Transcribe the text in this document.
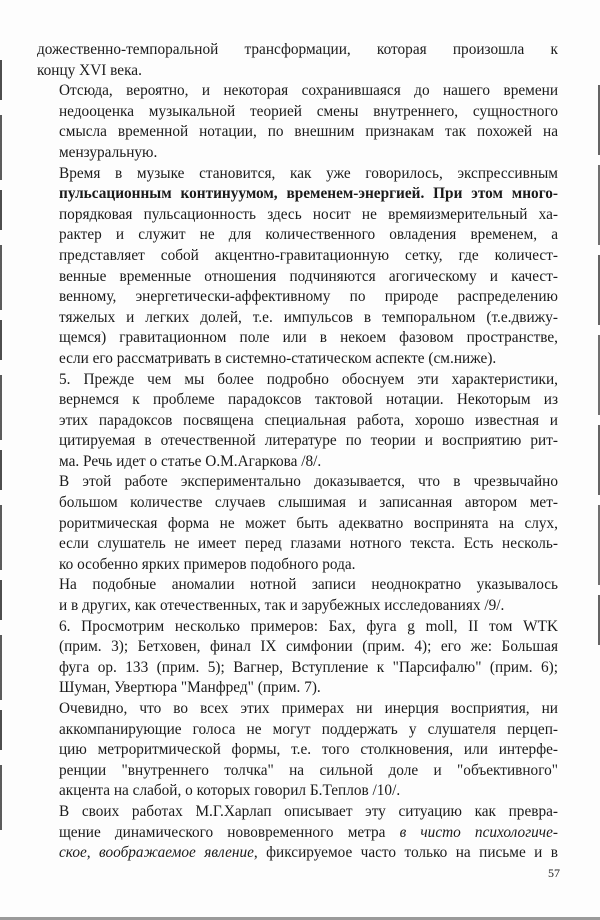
дожественно-темпоральной трансформации, которая произошла к
концу XVI века.
Отсюда, вероятно, и некоторая сохранившаяся до нашего времени
недооценка музыкальной теорией смены внутреннего, сущностного
смысла временной нотации, по внешним признакам так похожей на
мензуральную.
Время в музыке становится, как уже говорилось, экспрессивным
пульсационным континуумом, временем-энергией. При этом много-
порядковая пульсационность здесь носит не времяизмерительный ха-
рактер и служит не для количественного овладения временем, а
представляет собой акцентно-гравитационную сетку, где количест-
венные временные отношения подчиняются агогическому и качест-
венному, энергетически-аффективному по природе распределению
тяжелых и легких долей, т.е. импульсов в темпоральном (т.е.движу-
щемся) гравитационном поле или в некоем фазовом пространстве,
если его рассматривать в системно-статическом аспекте (см.ниже).
5. Прежде чем мы более подробно обоснуем эти характеристики,
вернемся к проблеме парадоксов тактовой нотации. Некоторым из
этих парадоксов посвящена специальная работа, хорошо известная и
цитируемая в отечественной литературе по теории и восприятию рит-
ма. Речь идет о статье О.М.Агаркова /8/.
В этой работе экспериментально доказывается, что в чрезвычайно
большом количестве случаев слышимая и записанная автором мет-
роритмическая форма не может быть адекватно воспринята на слух,
если слушатель не имеет перед глазами нотного текста. Есть несколь-
ко особенно ярких примеров подобного рода.
На подобные аномалии нотной записи неоднократно указывалось
и в других, как отечественных, так и зарубежных исследованиях /9/.
6. Просмотрим несколько примеров: Бах, фуга g moll, II том WTK
(прим. 3); Бетховен, финал IX симфонии (прим. 4); его же: Большая
фуга ор. 133 (прим. 5); Вагнер, Вступление к "Парсифалю" (прим. 6);
Шуман, Увертюра "Манфред" (прим. 7).
Очевидно, что во всех этих примерах ни инерция восприятия, ни
аккомпанирующие голоса не могут поддержать у слушателя перцеп-
цию метроритмической формы, т.е. того столкновения, или интерфе-
ренции "внутреннего толчка" на сильной доле и "объективного"
акцента на слабой, о которых говорил Б.Теплов /10/.
В своих работах М.Г.Харлап описывает эту ситуацию как превра-
щение динамического нововременного метра в чисто психологиче-
ское, воображаемое явление, фиксируемое часто только на письме и в
57
